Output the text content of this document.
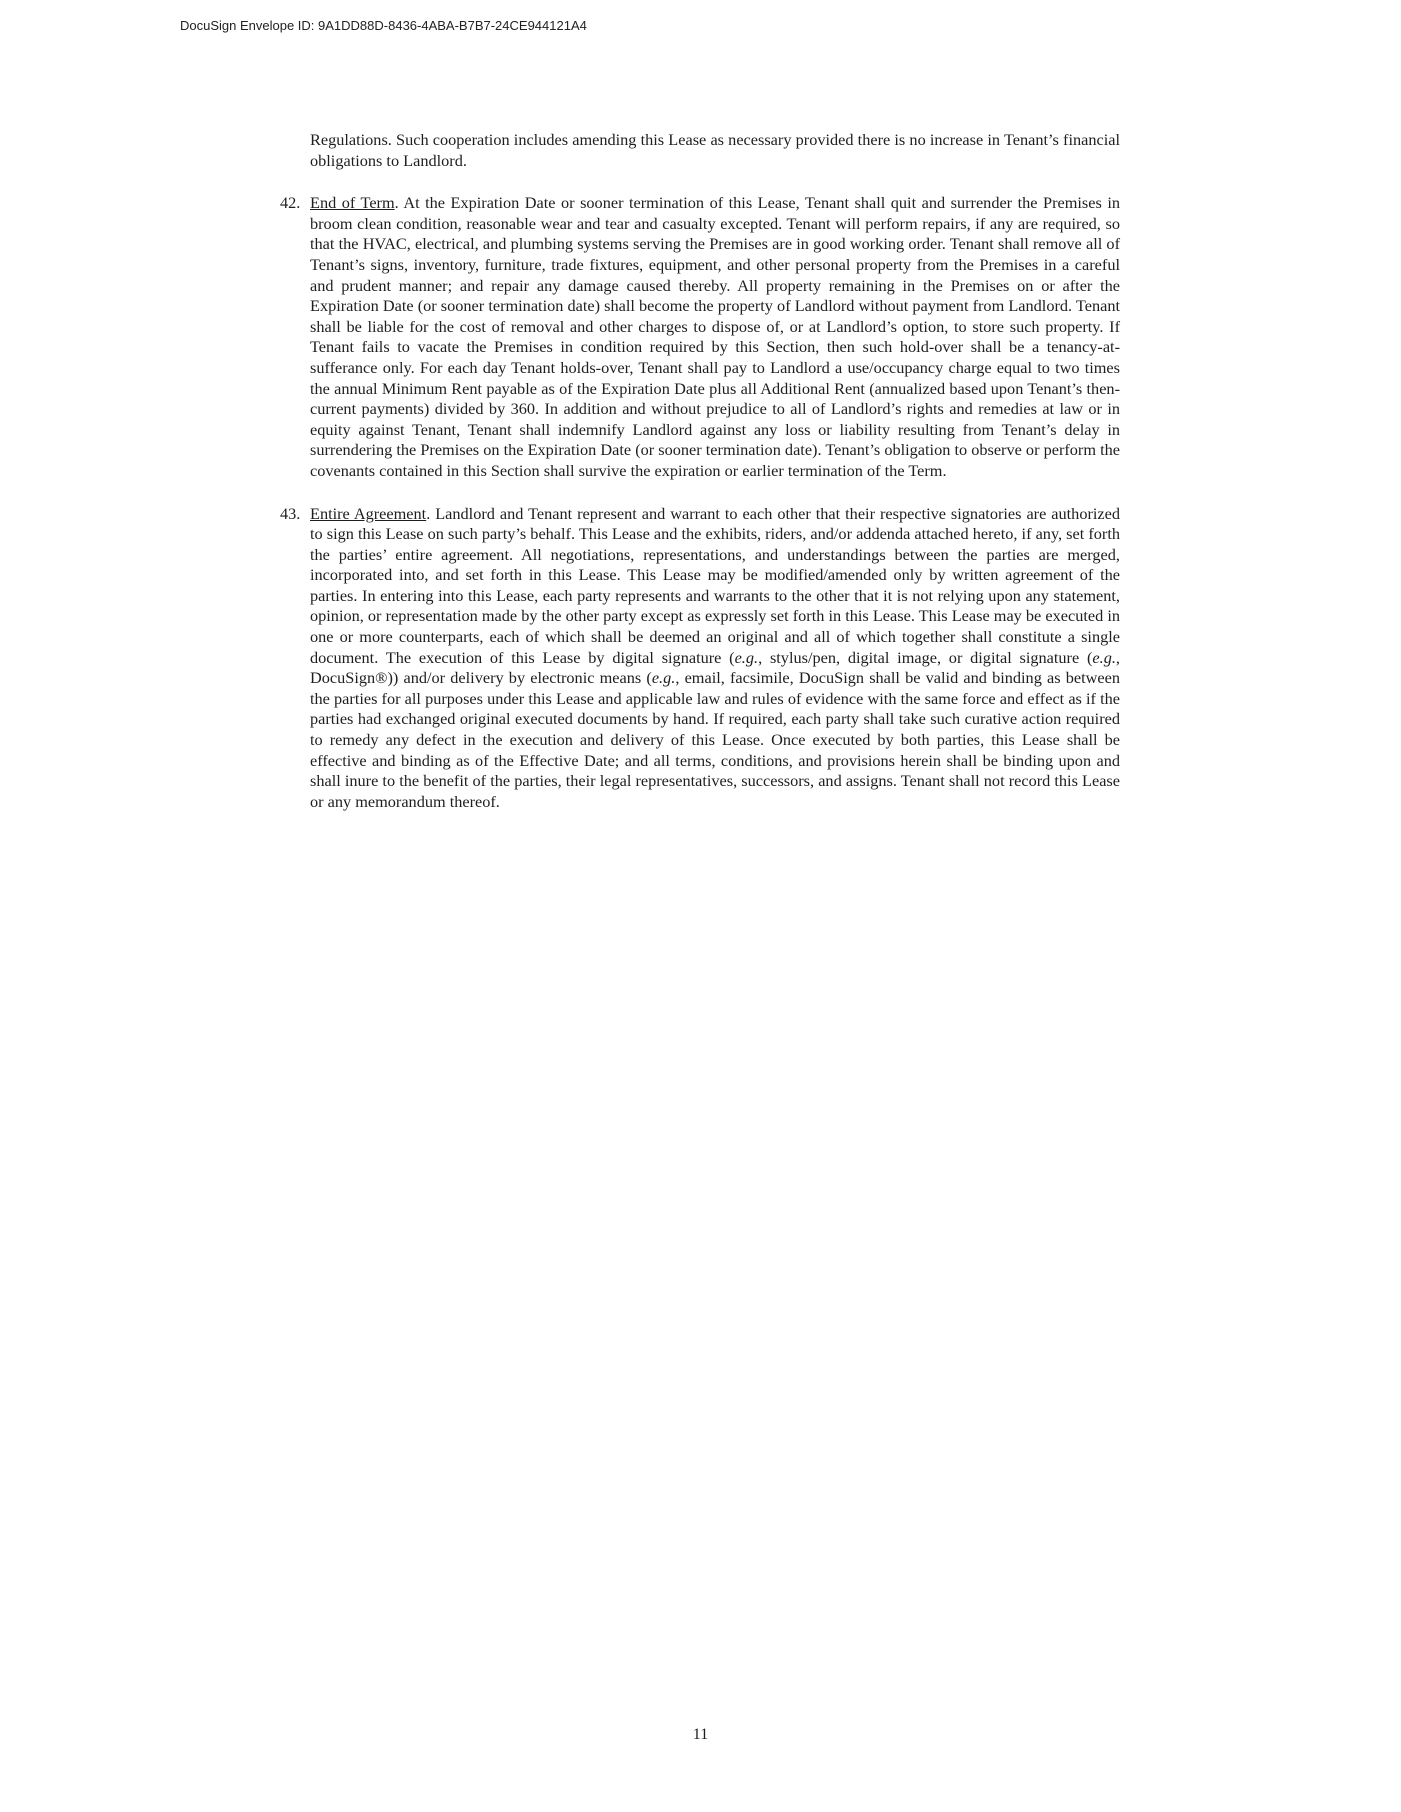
DocuSign Envelope ID: 9A1DD88D-8436-4ABA-B7B7-24CE944121A4

Regulations. Such cooperation includes amending this Lease as necessary provided there is no increase in Tenant’s financial obligations to Landlord.

42. End of Term. At the Expiration Date or sooner termination of this Lease, Tenant shall quit and surrender the Premises in broom clean condition, reasonable wear and tear and casualty excepted. Tenant will perform repairs, if any are required, so that the HVAC, electrical, and plumbing systems serving the Premises are in good working order. Tenant shall remove all of Tenant’s signs, inventory, furniture, trade fixtures, equipment, and other personal property from the Premises in a careful and prudent manner; and repair any damage caused thereby. All property remaining in the Premises on or after the Expiration Date (or sooner termination date) shall become the property of Landlord without payment from Landlord. Tenant shall be liable for the cost of removal and other charges to dispose of, or at Landlord’s option, to store such property. If Tenant fails to vacate the Premises in condition required by this Section, then such hold-over shall be a tenancy-at-sufferance only. For each day Tenant holds-over, Tenant shall pay to Landlord a use/occupancy charge equal to two times the annual Minimum Rent payable as of the Expiration Date plus all Additional Rent (annualized based upon Tenant’s then-current payments) divided by 360. In addition and without prejudice to all of Landlord’s rights and remedies at law or in equity against Tenant, Tenant shall indemnify Landlord against any loss or liability resulting from Tenant’s delay in surrendering the Premises on the Expiration Date (or sooner termination date). Tenant’s obligation to observe or perform the covenants contained in this Section shall survive the expiration or earlier termination of the Term.
43. Entire Agreement. Landlord and Tenant represent and warrant to each other that their respective signatories are authorized to sign this Lease on such party’s behalf. This Lease and the exhibits, riders, and/or addenda attached hereto, if any, set forth the parties’ entire agreement. All negotiations, representations, and understandings between the parties are merged, incorporated into, and set forth in this Lease. This Lease may be modified/amended only by written agreement of the parties. In entering into this Lease, each party represents and warrants to the other that it is not relying upon any statement, opinion, or representation made by the other party except as expressly set forth in this Lease. This Lease may be executed in one or more counterparts, each of which shall be deemed an original and all of which together shall constitute a single document. The execution of this Lease by digital signature (e.g., stylus/pen, digital image, or digital signature (e.g., DocuSign®)) and/or delivery by electronic means (e.g., email, facsimile, DocuSign shall be valid and binding as between the parties for all purposes under this Lease and applicable law and rules of evidence with the same force and effect as if the parties had exchanged original executed documents by hand. If required, each party shall take such curative action required to remedy any defect in the execution and delivery of this Lease. Once executed by both parties, this Lease shall be effective and binding as of the Effective Date; and all terms, conditions, and provisions herein shall be binding upon and shall inure to the benefit of the parties, their legal representatives, successors, and assigns. Tenant shall not record this Lease or any memorandum thereof.
11
